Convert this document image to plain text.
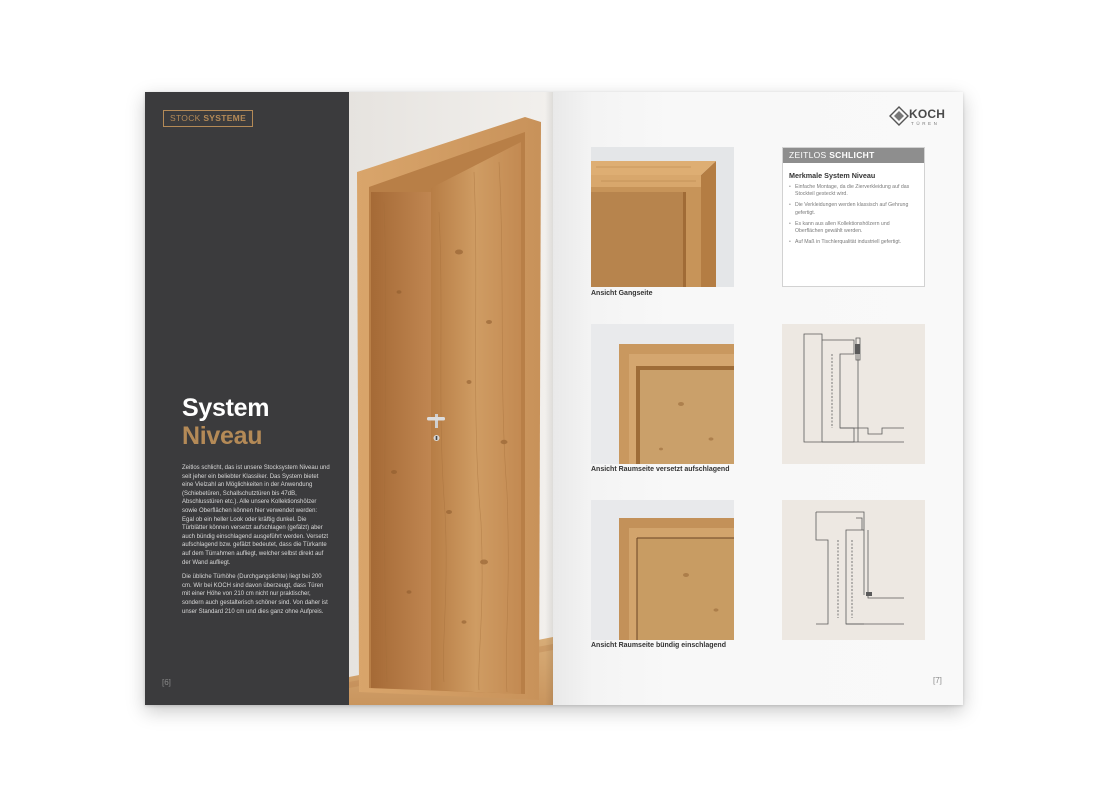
STOCK SYSTEME
System
Niveau

Zeitlos schlicht, das ist unsere Stocksystem Niveau und seit jeher ein beliebter Klassiker. Das System bietet eine Vielzahl an Möglichkeiten in der Anwendung (Schiebetüren, Schallschutztüren bis 47dB, Abschlusstüren etc.). Alle unsere Kollektionshölzer sowie Oberflächen können hier verwendet werden: Egal ob ein heller Look oder kräftig dunkel. Die Türblätter können versetzt aufschlagen (gefälzt) aber auch bündig einschlagend ausgeführt werden. Versetzt aufschlagend bzw. gefälzt bedeutet, dass die Türkante auf dem Türrahmen aufliegt, welcher selbst direkt auf der Wand aufliegt.

Die übliche Türhöhe (Durchgangslichte) liegt bei 200 cm. Wir bei KOCH sind davon überzeugt, dass Türen mit einer Höhe von 210 cm nicht nur praktischer, sondern auch gestalterisch schöner sind. Von daher ist unser Standard 210 cm und dies ganz ohne Aufpreis.

[6]
KOCH
TÜREN
Ansicht Gangseite
Ansicht Raumseite versetzt aufschlagend
Ansicht Raumseite bündig einschlagend
ZEITLOS SCHLICHT
Merkmale System Niveau
• Einfache Montage, da die Zierverkleidung auf das Stockteil gesteckt wird.
• Die Verkleidungen werden klassisch auf Gehrung gefertigt.
• Es kann aus allen Kollektionshölzern und Oberflächen gewählt werden.
• Auf Maß in Tischlerqualität industriell gefertigt.
[7]
